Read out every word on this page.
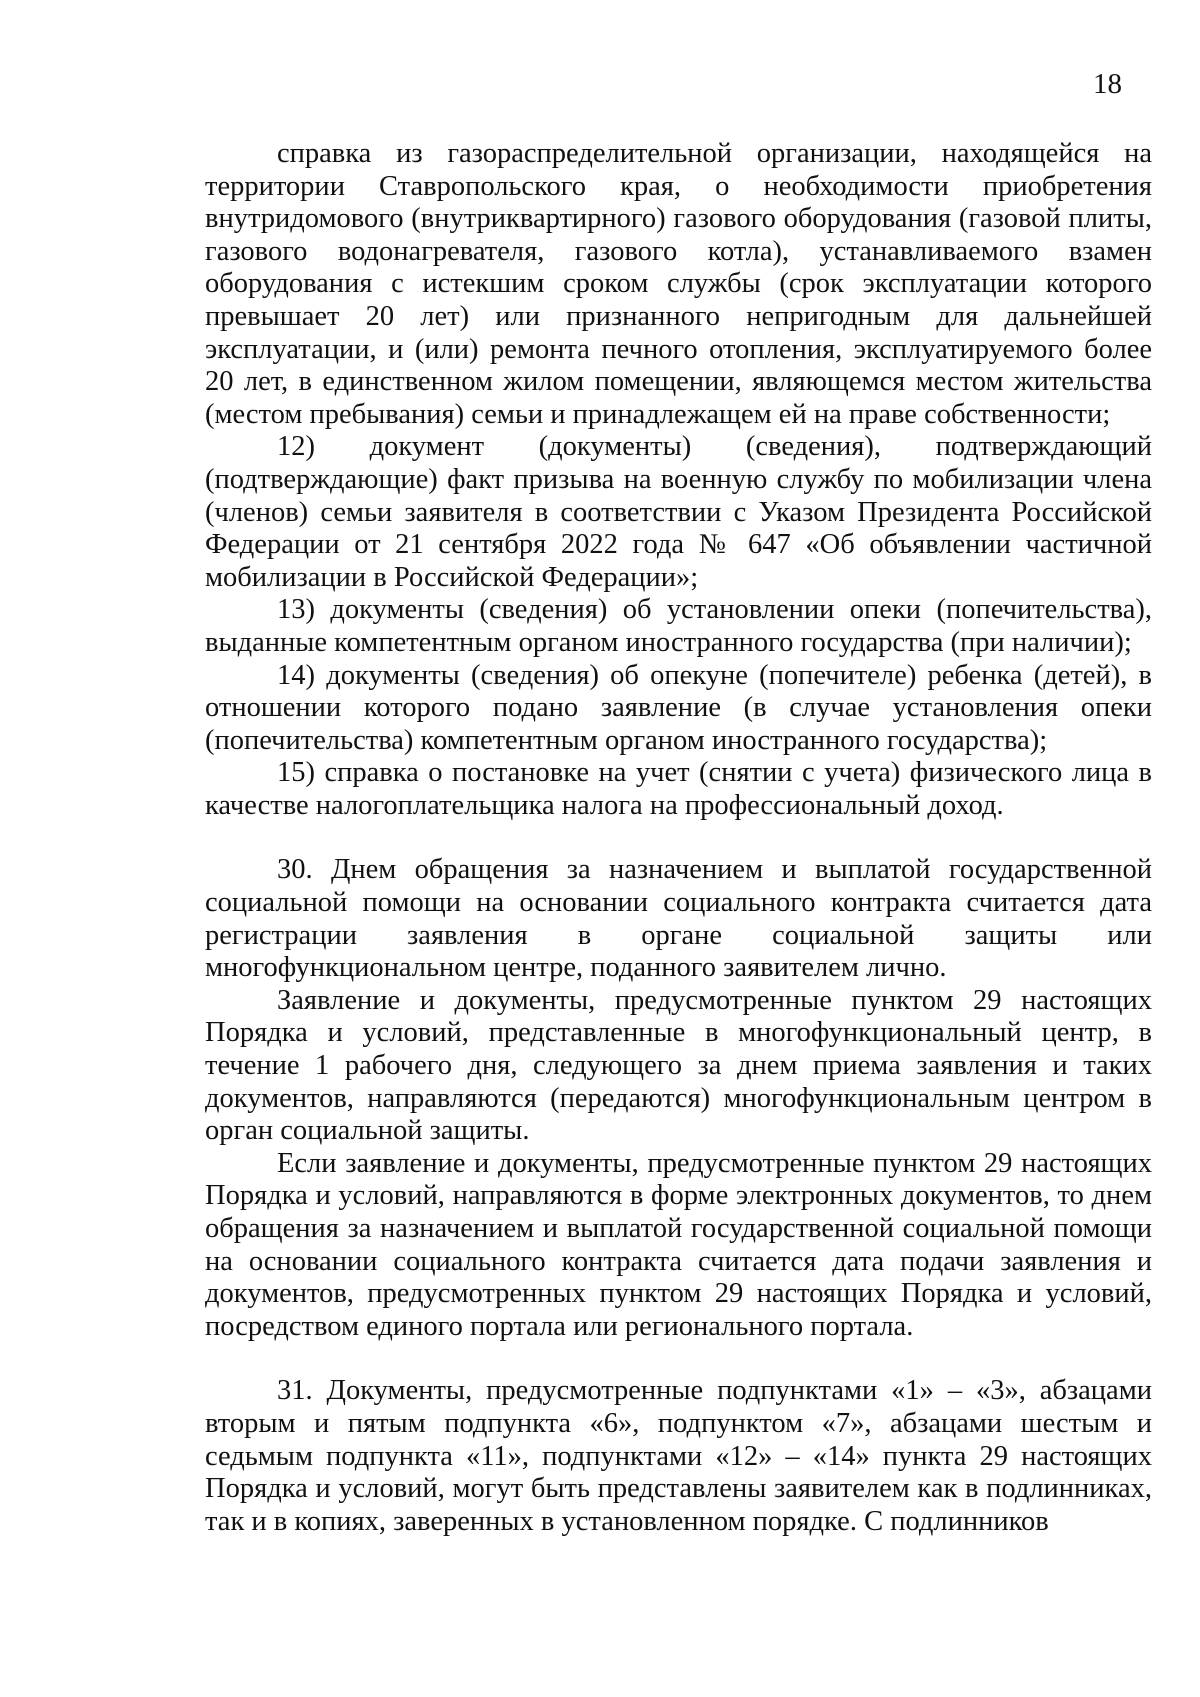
18

справка из газораспределительной организации, находящейся на территории Ставропольского края, о необходимости приобретения внутридомового (внутриквартирного) газового оборудования (газовой плиты, газового водонагревателя, газового котла), устанавливаемого взамен оборудования с истекшим сроком службы (срок эксплуатации которого превышает 20 лет) или признанного непригодным для дальнейшей эксплуатации, и (или) ремонта печного отопления, эксплуатируемого более 20 лет, в единственном жилом помещении, являющемся местом жительства (местом пребывания) семьи и принадлежащем ей на праве собственности;

12) документ (документы) (сведения), подтверждающий (подтверждающие) факт призыва на военную службу по мобилизации члена (членов) семьи заявителя в соответствии с Указом Президента Российской Федерации от 21 сентября 2022 года № 647 «Об объявлении частичной мобилизации в Российской Федерации»;

13) документы (сведения) об установлении опеки (попечительства), выданные компетентным органом иностранного государства (при наличии);

14) документы (сведения) об опекуне (попечителе) ребенка (детей), в отношении которого подано заявление (в случае установления опеки (попечительства) компетентным органом иностранного государства);

15) справка о постановке на учет (снятии с учета) физического лица в качестве налогоплательщика налога на профессиональный доход.

30. Днем обращения за назначением и выплатой государственной социальной помощи на основании социального контракта считается дата регистрации заявления в органе социальной защиты или многофункциональном центре, поданного заявителем лично.

Заявление и документы, предусмотренные пунктом 29 настоящих Порядка и условий, представленные в многофункциональный центр, в течение 1 рабочего дня, следующего за днем приема заявления и таких документов, направляются (передаются) многофункциональным центром в орган социальной защиты.

Если заявление и документы, предусмотренные пунктом 29 настоящих Порядка и условий, направляются в форме электронных документов, то днем обращения за назначением и выплатой государственной социальной помощи на основании социального контракта считается дата подачи заявления и документов, предусмотренных пунктом 29 настоящих Порядка и условий, посредством единого портала или регионального портала.

31. Документы, предусмотренные подпунктами «1» – «3», абзацами вторым и пятым подпункта «6», подпунктом «7», абзацами шестым и седьмым подпункта «11», подпунктами «12» – «14» пункта 29 настоящих Порядка и условий, могут быть представлены заявителем как в подлинниках, так и в копиях, заверенных в установленном порядке. С подлинников
